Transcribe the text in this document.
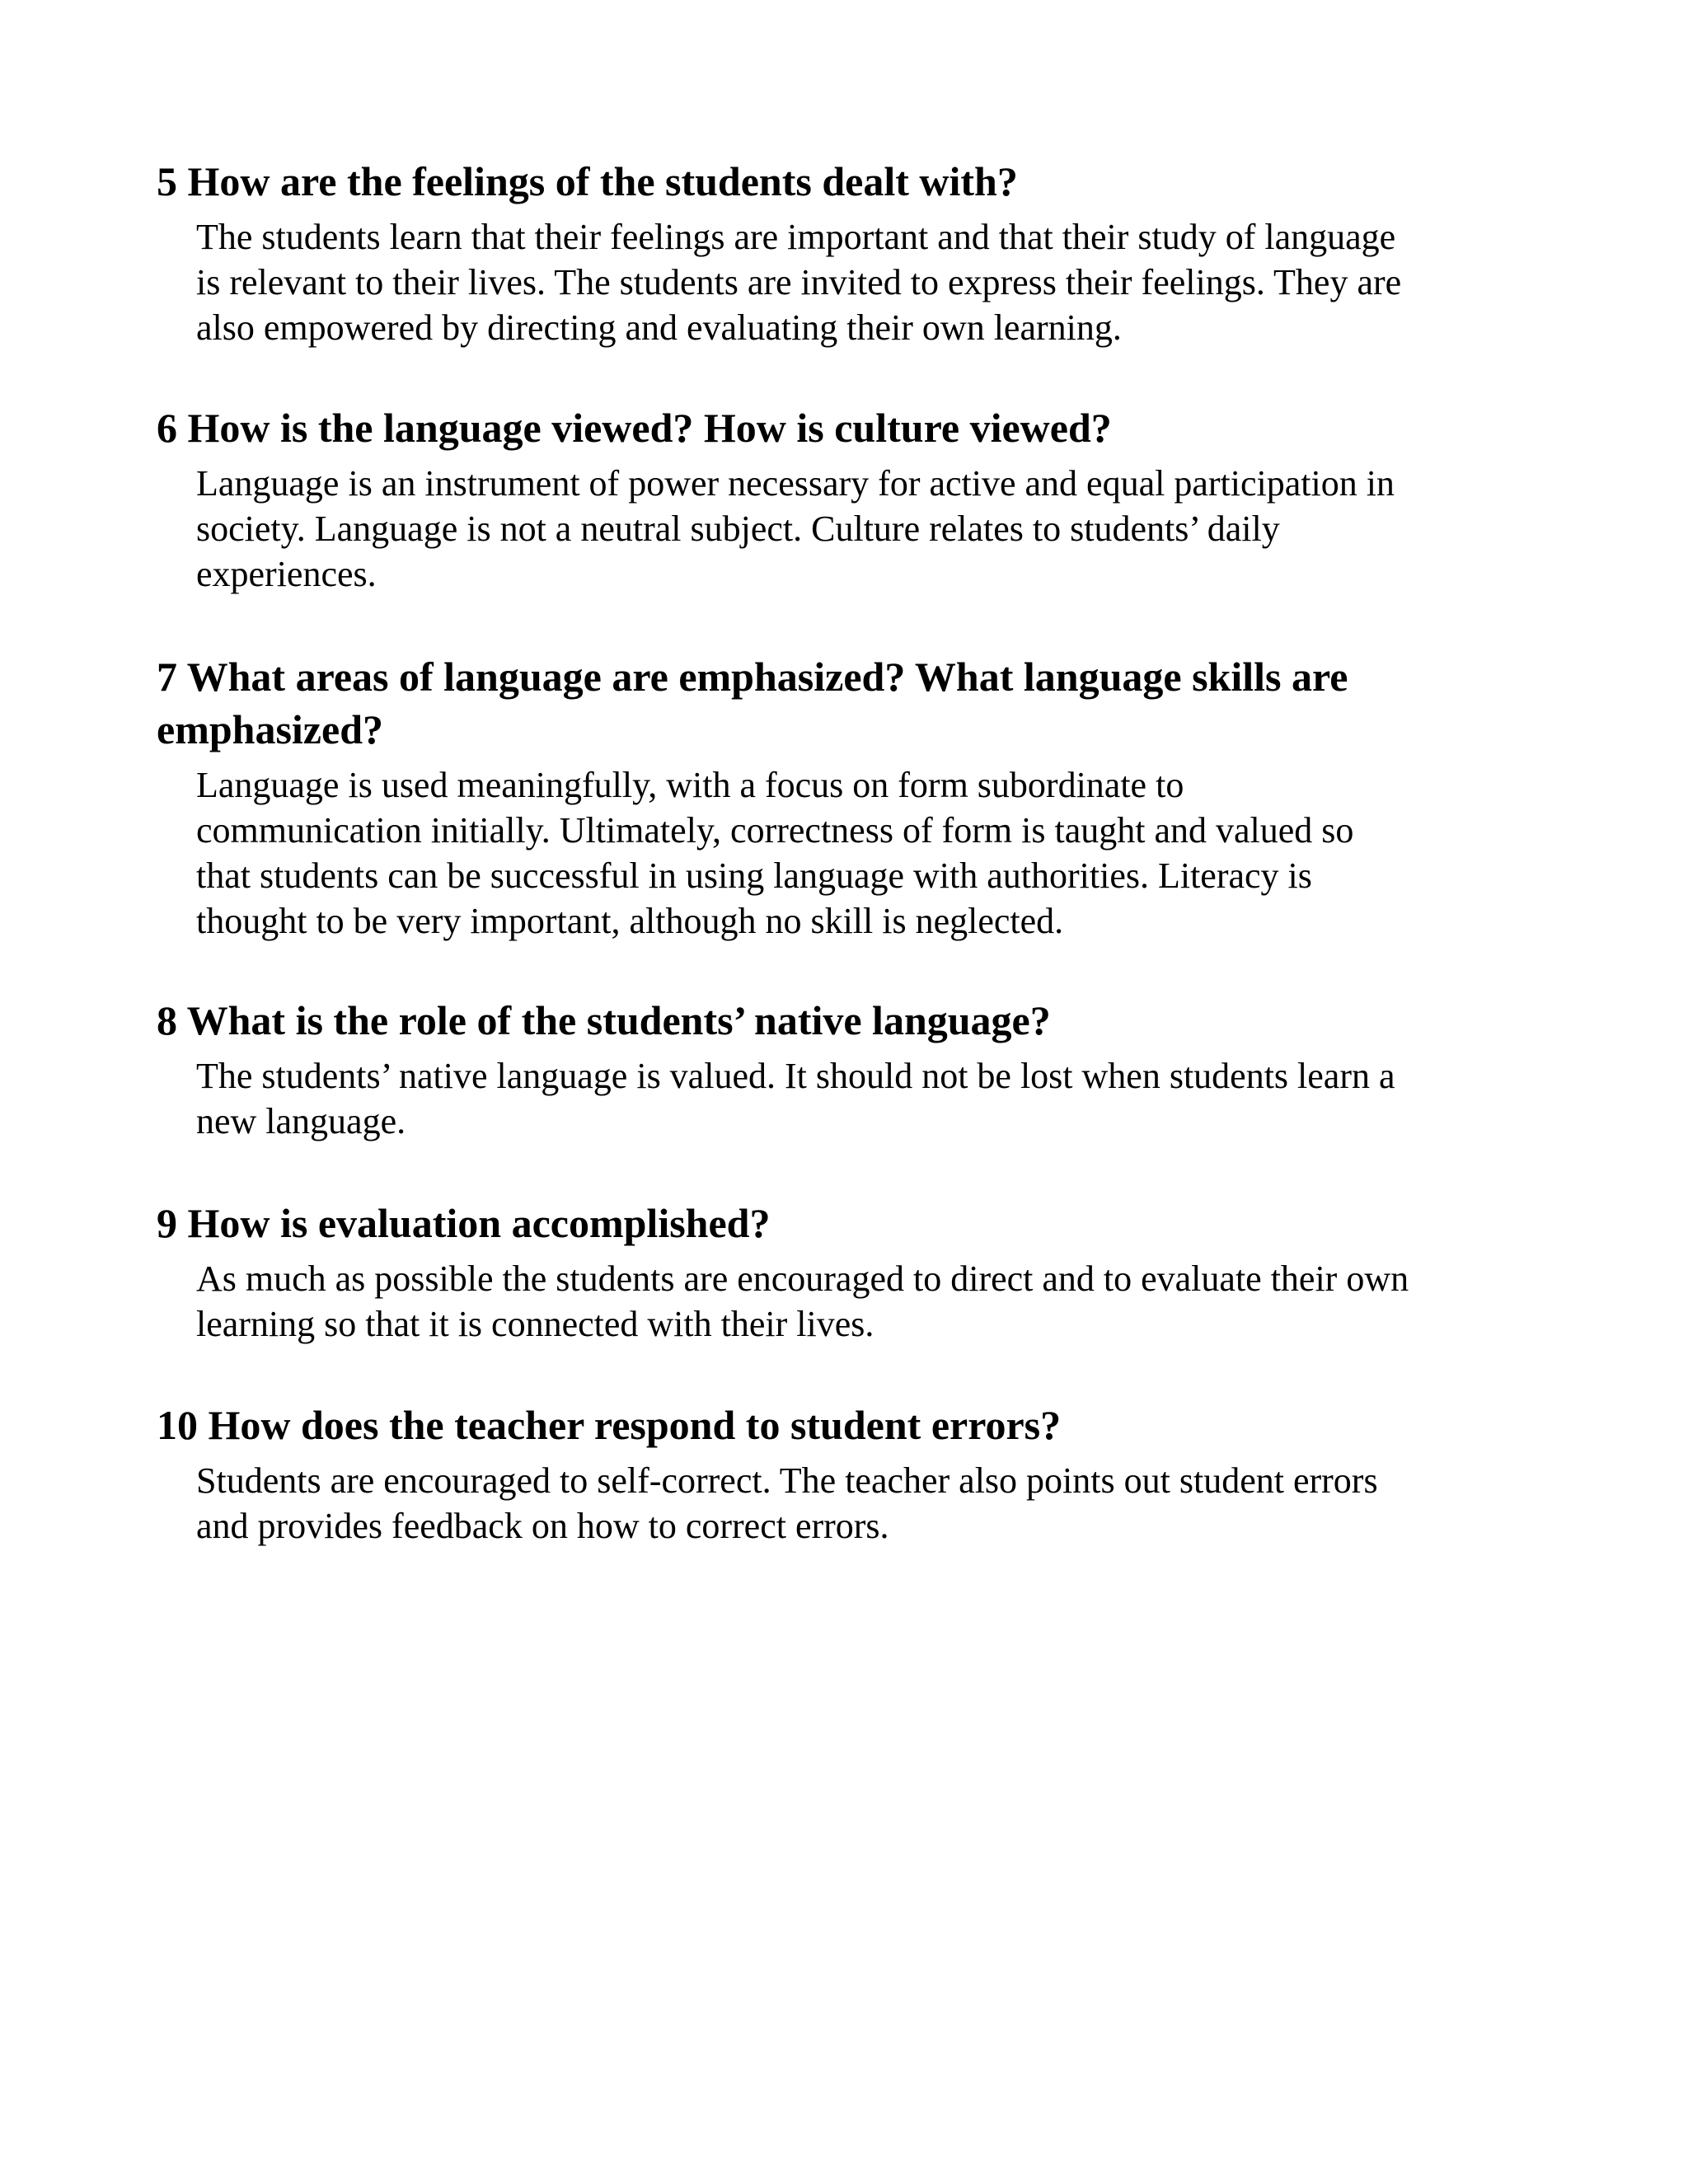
5 How are the feelings of the students dealt with?

The students learn that their feelings are important and that their study of language
is relevant to their lives. The students are invited to express their feelings. They are
also empowered by directing and evaluating their own learning.

6 How is the language viewed? How is culture viewed?

Language is an instrument of power necessary for active and equal participation in
society. Language is not a neutral subject. Culture relates to students’ daily
experiences.

7 What areas of language are emphasized? What language skills are
emphasized?

Language is used meaningfully, with a focus on form subordinate to
communication initially. Ultimately, correctness of form is taught and valued so
that students can be successful in using language with authorities. Literacy is
thought to be very important, although no skill is neglected.

8 What is the role of the students’ native language?

The students’ native language is valued. It should not be lost when students learn a
new language.

9 How is evaluation accomplished?

As much as possible the students are encouraged to direct and to evaluate their own
learning so that it is connected with their lives.

10 How does the teacher respond to student errors?

Students are encouraged to self-correct. The teacher also points out student errors
and provides feedback on how to correct errors.
